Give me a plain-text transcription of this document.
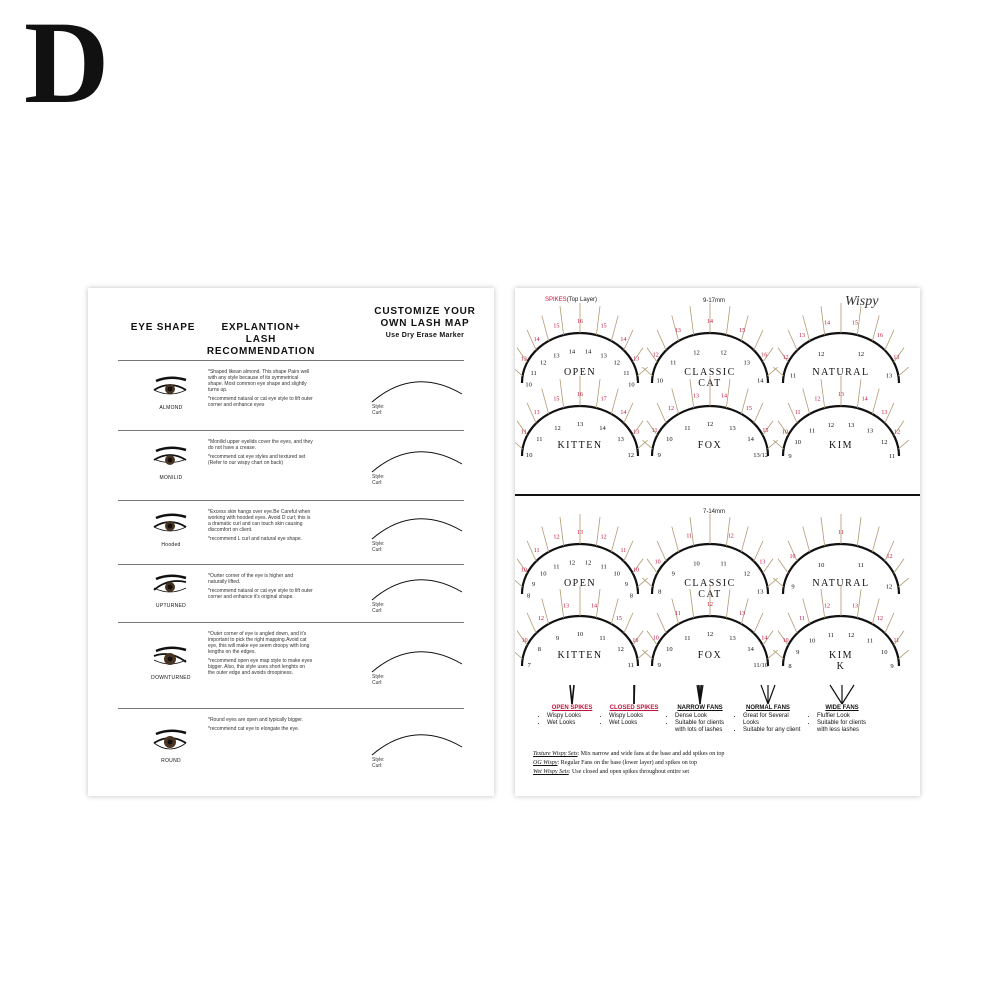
D
EYE SHAPE	EXPLANTION+ LASH RECOMMENDATION
CUSTOMIZE YOUR OWN LASH MAP
Use Dry Erase Marker
ALMOND

*Shaped likean almond. This shape Pairs well with any style because of its symmetrical shape. Most common eye shape and slightly turns up.

*recommend natural or cat eye style to lift outer corner and enhance eyes	Style:
Curl:
MONILID

*Monilid upper eyelids cover the eyes, and they do not have a crease.

*recommend cat eye styles and textured set (Refer to our wispy chart on back)

Style:
Curl:
Hooded

*Excess skin hangs over eye.Be Careful when working with hooded eyes. Avoid D curl; this is a dramatic curl and can touch skin causing discomfort on client.

*recommend L curl and natural eye shape.

Style:
Curl:
UPTURNED

*Ourter corner of the eye is higher and naturally lifted.

*recommend natural or cat eye style to lift outer corner and enhance it's original shape.

Style:
Curl:
DOWNTURNED

*Outer corner of eye is angled down, and it's important to pick the right mapping.Avoid cat eye, this will make eye seem droopy with long lengths on the edges.

*recommend open eye map style to make eyes bigger. Also, this style uses short lenghts on the outer edge and avoids droopiness.

Style:
Curl:
ROUND

*Round eyes are open and typically bigger.

*recommend cat eye to elongate the eye.

Style:
Curl:
SPIKES(Top Layer)	9-17mm	Wispy
7-14mm
10
11
12
13
14 14
13
12
11
10
13
14
15
16
15
14
13
OPEN
10
11
12	12
13
14
12
13
14
15
16
CLASSIC
CAT
11
12	12
13
12
13
14	15
16
13
NATURAL
10
11
12
13
14
13
12
11
13
15
16
17
14
13
KITTEN
9
10
11
12
13
14
13/12
11
12
13	14
15
15
FOX
9
10
11
12 13
13
12
11
10
11
12
13
14
13
12
KIM
8
9
10
11
12 12
11
10
9
8
10
11
12
13
12
11
10
OPEN
8
9
10	11
12
13
10
11	12
13
CLASSIC
CAT
9
10	11
12
10
11
12
NATURAL
7
8
9
10
11
12
11
10
12
13	14
15
16
KITTEN
9
10
11
12
13
14
11/10
10
11
12
13
14
FOX
8
9
10
11 12
11
10
9
10
11
12	13
12
11
KIM
K
Texture Wispy Sets: Mix narrow and wide fans at the base and add spikes on top
OG Wispy: Regular Fans on the base (lower layer) and spikes on top
Wet Wispy Sets: Use closed and open spikes throughout entire set
OPEN SPIKES
• Wispy Looks
• Wet Looks
CLOSED SPIKES
• Wispy Looks
• Wet Looks
NARROW FANS
• Dense Look
• Suitable for clients with lots of lashes
NORMAL FANS
• Great for Several Looks
• Suitable for any client
WIDE FANS
• Fluffier Look
• Suitable for clients with less lashes
